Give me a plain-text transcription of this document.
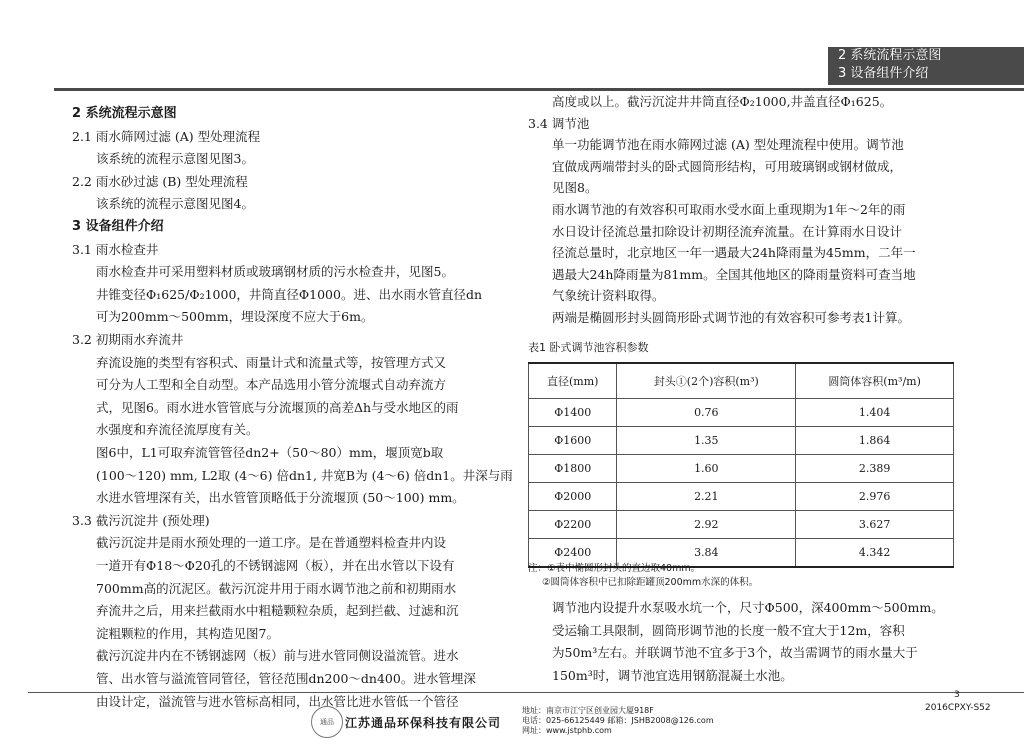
2 系统流程示意图
3 设备组件介绍
2 系统流程示意图
2.1 雨水筛网过滤 (A) 型处理流程
该系统的流程示意图见图3。
2.2 雨水砂过滤 (B) 型处理流程
该系统的流程示意图见图4。
3 设备组件介绍
3.1 雨水检查井
雨水检查井可采用塑料材质或玻璃钢材质的污水检查井，见图5。
井锥变径Φ₁625/Φ₂1000，井筒直径Φ1000。进、出水雨水管直径dn
可为200mm～500mm，埋设深度不应大于6m。
3.2 初期雨水弃流井
弃流设施的类型有容积式、雨量计式和流量式等，按管理方式又
可分为人工型和全自动型。本产品选用小管分流堰式自动弃流方
式，见图6。雨水进水管管底与分流堰顶的高差Δh与受水地区的雨
水强度和弃流径流厚度有关。
图6中，L1可取弃流管管径dn2+（50～80）mm，堰顶宽b取
(100～120) mm, L2取 (4～6) 倍dn1, 井宽B为 (4～6) 倍dn1。井深与雨
水进水管埋深有关，出水管管顶略低于分流堰顶 (50～100) mm。
3.3 截污沉淀井 (预处理)
截污沉淀井是雨水预处理的一道工序。是在普通塑料检查井内设
一道开有Φ18～Φ20孔的不锈钢滤网（板），并在出水管以下设有
700mm高的沉泥区。截污沉淀井用于雨水调节池之前和初期雨水
弃流井之后，用来拦截雨水中粗糙颗粒杂质，起到拦截、过滤和沉
淀粗颗粒的作用，其构造见图7。
截污沉淀井内在不锈钢滤网（板）前与进水管同侧设溢流管。进水
管、出水管与溢流管同管径，管径范围dn200～dn400。进水管埋深
由设计定，溢流管与进水管标高相同，出水管比进水管低一个管径
高度或以上。截污沉淀井井筒直径Φ₂1000,井盖直径Φ₁625。
3.4 调节池
单一功能调节池在雨水筛网过滤 (A) 型处理流程中使用。调节池
宜做成两端带封头的卧式圆筒形结构，可用玻璃钢或钢材做成，
见图8。
雨水调节池的有效容积可取雨水受水面上重现期为1年～2年的雨
水日设计径流总量扣除设计初期径流弃流量。在计算雨水日设计
径流总量时，北京地区一年一遇最大24h降雨量为45mm，二年一
遇最大24h降雨量为81mm。全国其他地区的降雨量资料可查当地
气象统计资料取得。
两端是椭圆形封头圆筒形卧式调节池的有效容积可参考表1计算。
表1 卧式调节池容积参数
直径(mm)	封头①(2个)容积(m³)	圆筒体容积(m³/m)
Φ1400	0.76	1.404
Φ1600	1.35	1.864
Φ1800	1.60	2.389
Φ2000	2.21	2.976
Φ2200	2.92	3.627
Φ2400	3.84	4.342
注：①表中椭圆形封头的直边取40mm。
②圆筒体容积中已扣除距罐顶200mm水深的体积。
调节池内设提升水泵吸水坑一个，尺寸Φ500，深400mm～500mm。
受运输工具限制，圆筒形调节池的长度一般不宜大于12m，容积
为50m³左右。并联调节池不宜多于3个，故当需调节的雨水量大于
150m³时，调节池宜选用钢筋混凝土水池。
3
2016CPXY-S52
通品 江苏通品环保科技有限公司
地址：南京市江宁区创业园大厦918F
电话：025-66125449 邮箱：JSHB2008@126.com
网址：www.jstphb.com
